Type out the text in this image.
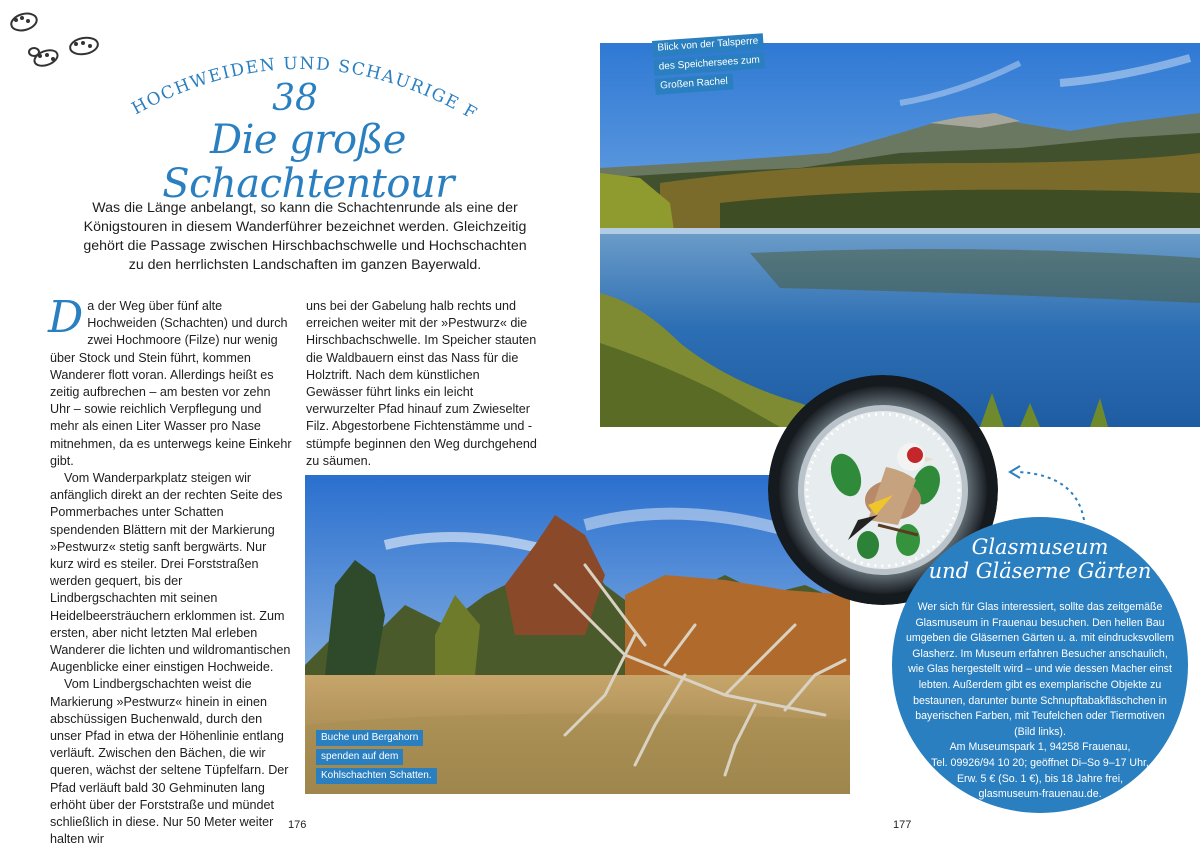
ALTE HOCHWEIDEN UND SCHAURIGE FILZE
38
Die große Schachtentour
Was die Länge anbelangt, so kann die Schachtenrunde als eine der Königstouren in diesem Wanderführer bezeichnet werden. Gleichzeitig gehört die Passage zwischen Hirschbachschwelle und Hochschachten zu den herrlichsten Landschaften im ganzen Bayerwald.

Da der Weg über fünf alte Hochweiden (Schachten) und durch zwei Hochmoore (Filze) nur wenig über Stock und Stein führt, kommen Wanderer flott voran. Allerdings heißt es zeitig aufbrechen – am besten vor zehn Uhr – sowie reichlich Verpflegung und mehr als einen Liter Wasser pro Nase mitnehmen, da es unterwegs keine Einkehr gibt.

Vom Wanderparkplatz steigen wir anfänglich direkt an der rechten Seite des Pommerbaches unter Schatten spendenden Blättern mit der Markierung »Pestwurz« stetig sanft bergwärts. Nur kurz wird es steiler. Drei Forststraßen werden gequert, bis der Lindbergschachten mit seinen Heidelbeersträuchern erklommen ist. Zum ersten, aber nicht letzten Mal erleben Wanderer die lichten und wildromantischen Augenblicke einer einstigen Hochweide.

Vom Lindbergschachten weist die Markierung »Pestwurz« hinein in einen abschüssigen Buchenwald, durch den unser Pfad in etwa der Höhenlinie entlang verläuft. Zwischen den Bächen, die wir queren, wächst der seltene Tüpfelfarn. Der Pfad verläuft bald 30 Gehminuten lang erhöht über der Forststraße und mündet schließlich in diese. Nur 50 Meter weiter halten wir

uns bei der Gabelung halb rechts und erreichen weiter mit der »Pestwurz« die Hirschbachschwelle. Im Speicher stauten die Waldbauern einst das Nass für die Holztrift. Nach dem künstlichen Gewässer führt links ein leicht verwurzelter Pfad hinauf zum Zwieselter Filz. Abgestorbene Fichtenstämme und -stümpfe beginnen den Weg durchgehend zu säumen.

Blick von der Talsperre
des Speichersees zum
Großen Rachel
Buche und Bergahorn
spenden auf dem
Kohlschachten Schatten.
Glasmuseum
und Gläserne Gärten
Wer sich für Glas interessiert, sollte das zeitgemäße Glasmuseum in Frauenau besuchen. Den hellen Bau umgeben die Gläsernen Gärten u. a. mit eindrucksvollem Glasherz. Im Museum erfahren Besucher anschaulich, wie Glas hergestellt wird – und wie dessen Macher einst lebten. Außerdem gibt es exemplarische Objekte zu bestaunen, darunter bunte Schnupftabakfläschchen in bayerischen Farben, mit Teufelchen oder Tiermotiven (Bild links).
Am Museumspark 1, 94258 Frauenau,
Tel. 09926/94 10 20; geöffnet Di–So 9–17 Uhr,
Erw. 5 € (So. 1 €), bis 18 Jahre frei,
glasmuseum-frauenau.de.
176	177
